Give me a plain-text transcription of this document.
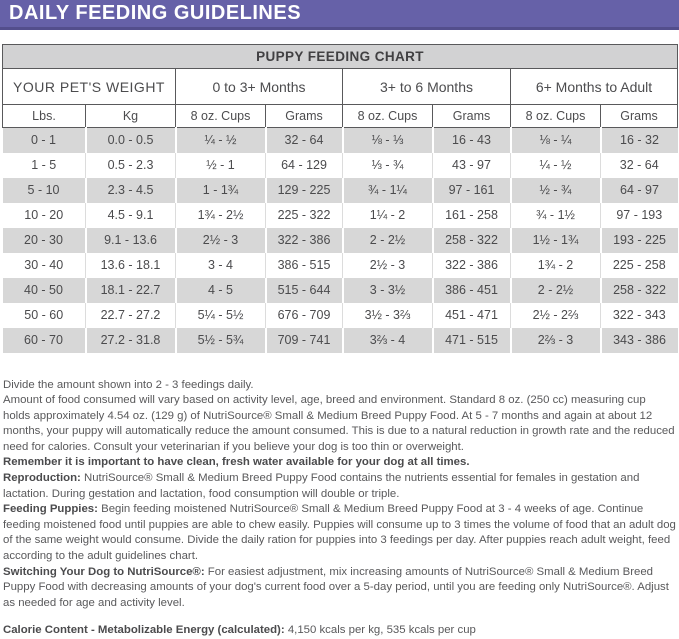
DAILY FEEDING GUIDELINES
PUPPY FEEDING CHART							
YOUR PET'S WEIGHT		0 to 3+ Months		3+ to 6 Months		6+ Months to Adult	
Lbs.	Kg	8 oz. Cups	Grams	8 oz. Cups	Grams	8 oz. Cups	Grams
0 - 1	0.0 - 0.5	¼ - ½	32 - 64	⅛ - ⅓	16 - 43	⅛ - ¼	16 - 32
1 - 5	0.5 - 2.3	½ - 1	64 - 129	⅓ - ¾	43 - 97	¼ - ½	32 - 64
5 - 10	2.3 - 4.5	1 - 1¾	129 - 225	¾ - 1¼	97 - 161	½ - ¾	64 - 97
10 - 20	4.5 - 9.1	1¾ - 2½	225 - 322	1¼ - 2	161 - 258	¾ - 1½	97 - 193
20 - 30	9.1 - 13.6	2½ - 3	322 - 386	2 - 2½	258 - 322	1½ - 1¾	193 - 225
30 - 40	13.6 - 18.1	3 - 4	386 - 515	2½ - 3	322 - 386	1¾ - 2	225 - 258
40 - 50	18.1 - 22.7	4 - 5	515 - 644	3 - 3½	386 - 451	2 - 2½	258 - 322
50 - 60	22.7 - 27.2	5¼ - 5½	676 - 709	3½ - 3⅔	451 - 471	2½ - 2⅔	322 - 343
60 - 70	27.2 - 31.8	5½ - 5¾	709 - 741	3⅔ - 4	471 - 515	2⅔ - 3	343 - 386

Divide the amount shown into 2 - 3 feedings daily.

Amount of food consumed will vary based on activity level, age, breed and environment. Standard 8 oz. (250 cc) measuring cup holds approximately 4.54 oz. (129 g) of NutriSource® Small & Medium Breed Puppy Food. At 5 - 7 months and again at about 12 months, your puppy will automatically reduce the amount consumed. This is due to a natural reduction in growth rate and the reduced need for calories. Consult your veterinarian if you believe your dog is too thin or overweight.

Remember it is important to have clean, fresh water available for your dog at all times.

Reproduction: NutriSource® Small & Medium Breed Puppy Food contains the nutrients essential for females in gestation and lactation. During gestation and lactation, food consumption will double or triple.

Feeding Puppies: Begin feeding moistened NutriSource® Small & Medium Breed Puppy Food at 3 - 4 weeks of age. Continue feeding moistened food until puppies are able to chew easily. Puppies will consume up to 3 times the volume of food that an adult dog of the same weight would consume. Divide the daily ration for puppies into 3 feedings per day. After puppies reach adult weight, feed according to the adult guidelines chart.

Switching Your Dog to NutriSource®: For easiest adjustment, mix increasing amounts of NutriSource® Small & Medium Breed Puppy Food with decreasing amounts of your dog's current food over a 5-day period, until you are feeding only NutriSource®. Adjust as needed for age and activity level.

Calorie Content - Metabolizable Energy (calculated): 4,150 kcals per kg, 535 kcals per cup
